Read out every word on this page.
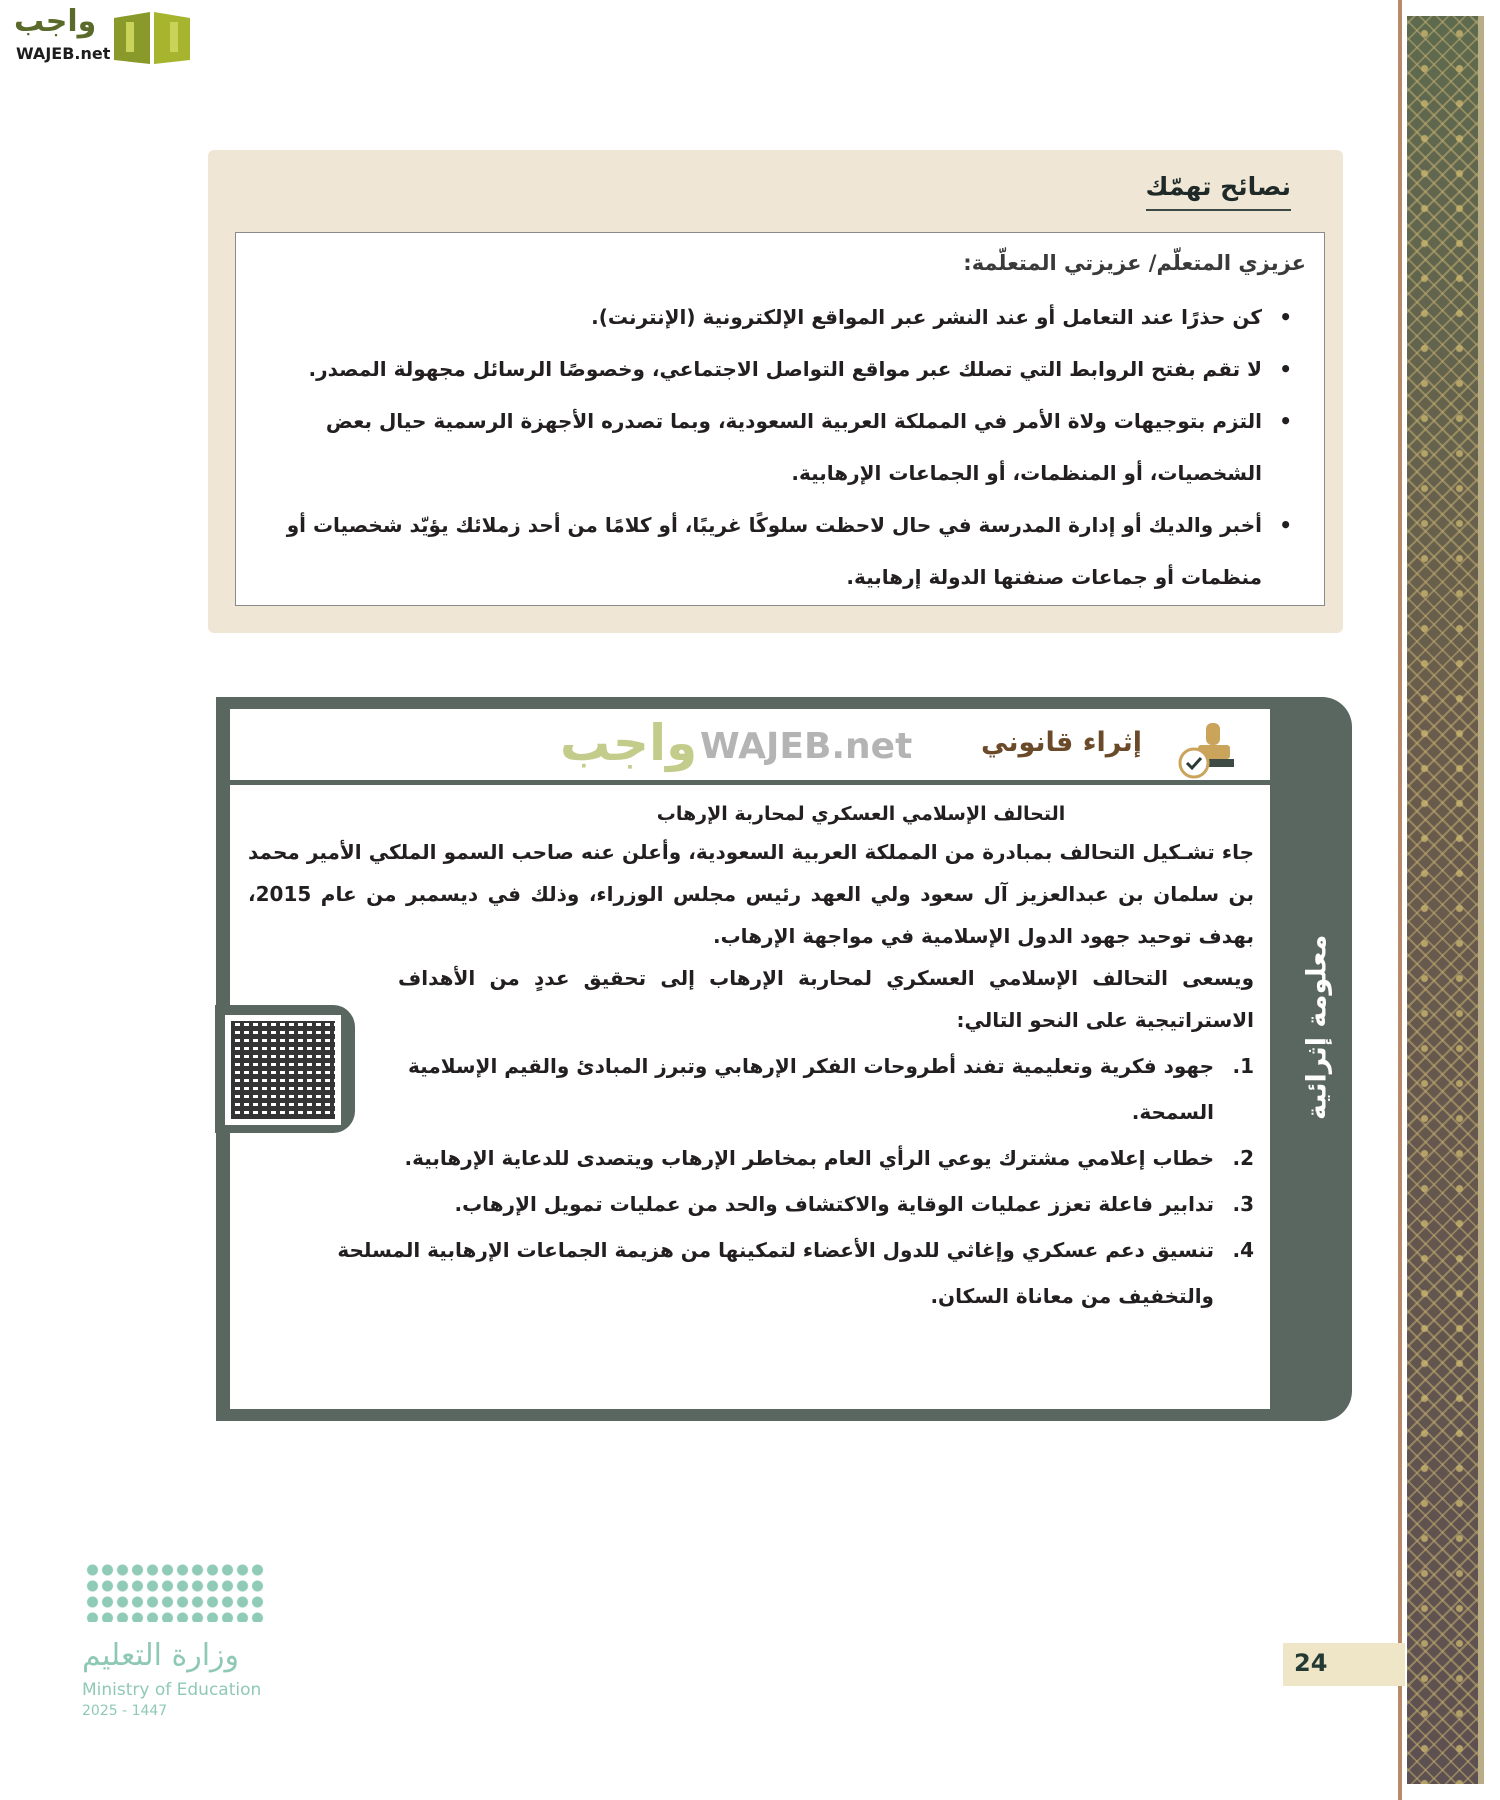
واجب
WAJEB.net
نصائح تهمّك
عزيزي المتعلّم/ عزيزتي المتعلّمة:
• كن حذرًا عند التعامل أو عند النشر عبر المواقع الإلكترونية (الإنترنت).
• لا تقم بفتح الروابط التي تصلك عبر مواقع التواصل الاجتماعي، وخصوصًا الرسائل مجهولة المصدر.
• التزم بتوجيهات ولاة الأمر في المملكة العربية السعودية، وبما تصدره الأجهزة الرسمية حيال بعض الشخصيات، أو المنظمات، أو الجماعات الإرهابية.
• أخبر والديك أو إدارة المدرسة في حال لاحظت سلوكًا غريبًا، أو كلامًا من أحد زملائك يؤيّد شخصيات أو منظمات أو جماعات صنفتها الدولة إرهابية.
واجب WAJEB.net	إثراء قانوني
التحالف الإسلامي العسكري لمحاربة الإرهاب

جاء تشـكيل التحالف بمبادرة من المملكة العربية السعودية، وأعلن عنه صاحب السمو الملكي الأمير محمد بن سلمان بن عبدالعزيز آل سعود ولي العهد رئيس مجلس الوزراء، وذلك في ديسمبر من عام 2015، بهدف توحيد جهود الدول الإسلامية في مواجهة الإرهاب.

ويسعى التحالف الإسلامي العسكري لمحاربة الإرهاب إلى تحقيق عددٍ من الأهداف الاستراتيجية على النحو التالي:

1.
جهود فكرية وتعليمية تفند أطروحات الفكر الإرهابي وتبرز المبادئ والقيم الإسلامية السمحة.
2.
خطاب إعلامي مشترك يوعي الرأي العام بمخاطر الإرهاب ويتصدى للدعاية الإرهابية.
3.
تدابير فاعلة تعزز عمليات الوقاية والاكتشاف والحد من عمليات تمويل الإرهاب.
4.
تنسيق دعم عسكري وإغاثي للدول الأعضاء لتمكينها من هزيمة الجماعات الإرهابية المسلحة والتخفيف من معاناة السكان.
معلومة إثرائية
وزارة التعليم
Ministry of Education
2025 - 1447
24
